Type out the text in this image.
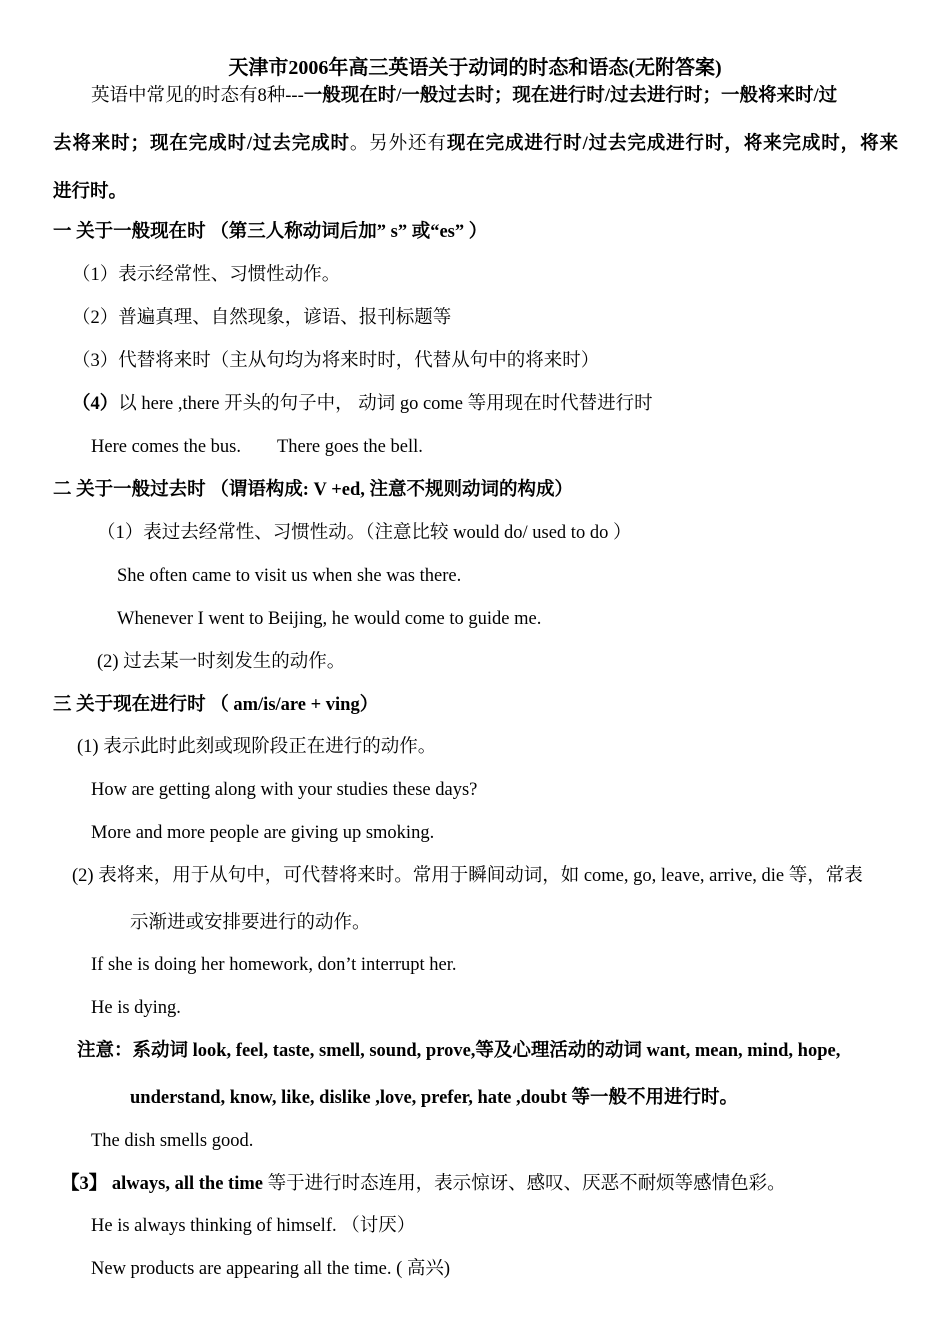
天津市2006年高三英语关于动词的时态和语态(无附答案)
英语中常见的时态有8种---一般现在时/一般过去时；现在进行时/过去进行时；一般将来时/过
去将来时；现在完成时/过去完成时。另外还有现在完成进行时/过去完成进行时，将来完成时，将来
进行时。
一 关于一般现在时 （第三人称动词后加” s” 或“es” ）
（1）表示经常性、习惯性动作。
（2）普遍真理、自然现象，谚语、报刊标题等
（3）代替将来时（主从句均为将来时时，代替从句中的将来时）
（4）以 here ,there 开头的句子中， 动词 go come 等用现在时代替进行时
Here comes the bus. There goes the bell.
二 关于一般过去时 （谓语构成: V +ed, 注意不规则动词的构成）
（1）表过去经常性、习惯性动。（注意比较 would do/ used to do ）
She often came to visit us when she was there.
Whenever I went to Beijing, he would come to guide me.
(2) 过去某一时刻发生的动作。
三 关于现在进行时 （ am/is/are + ving）
(1) 表示此时此刻或现阶段正在进行的动作。
How are getting along with your studies these days?
More and more people are giving up smoking.
(2) 表将来，用于从句中，可代替将来时。常用于瞬间动词，如 come, go, leave, arrive, die 等，常表
示渐进或安排要进行的动作。
If she is doing her homework, don’t interrupt her.
He is dying.
注意：系动词 look, feel, taste, smell, sound, prove,等及心理活动的动词 want, mean, mind, hope,
understand, know, like, dislike ,love, prefer, hate ,doubt 等一般不用进行时。
The dish smells good.
【3】 always, all the time 等于进行时态连用，表示惊讶、感叹、厌恶不耐烦等感情色彩。
He is always thinking of himself. （讨厌）
New products are appearing all the time. ( 高兴)
